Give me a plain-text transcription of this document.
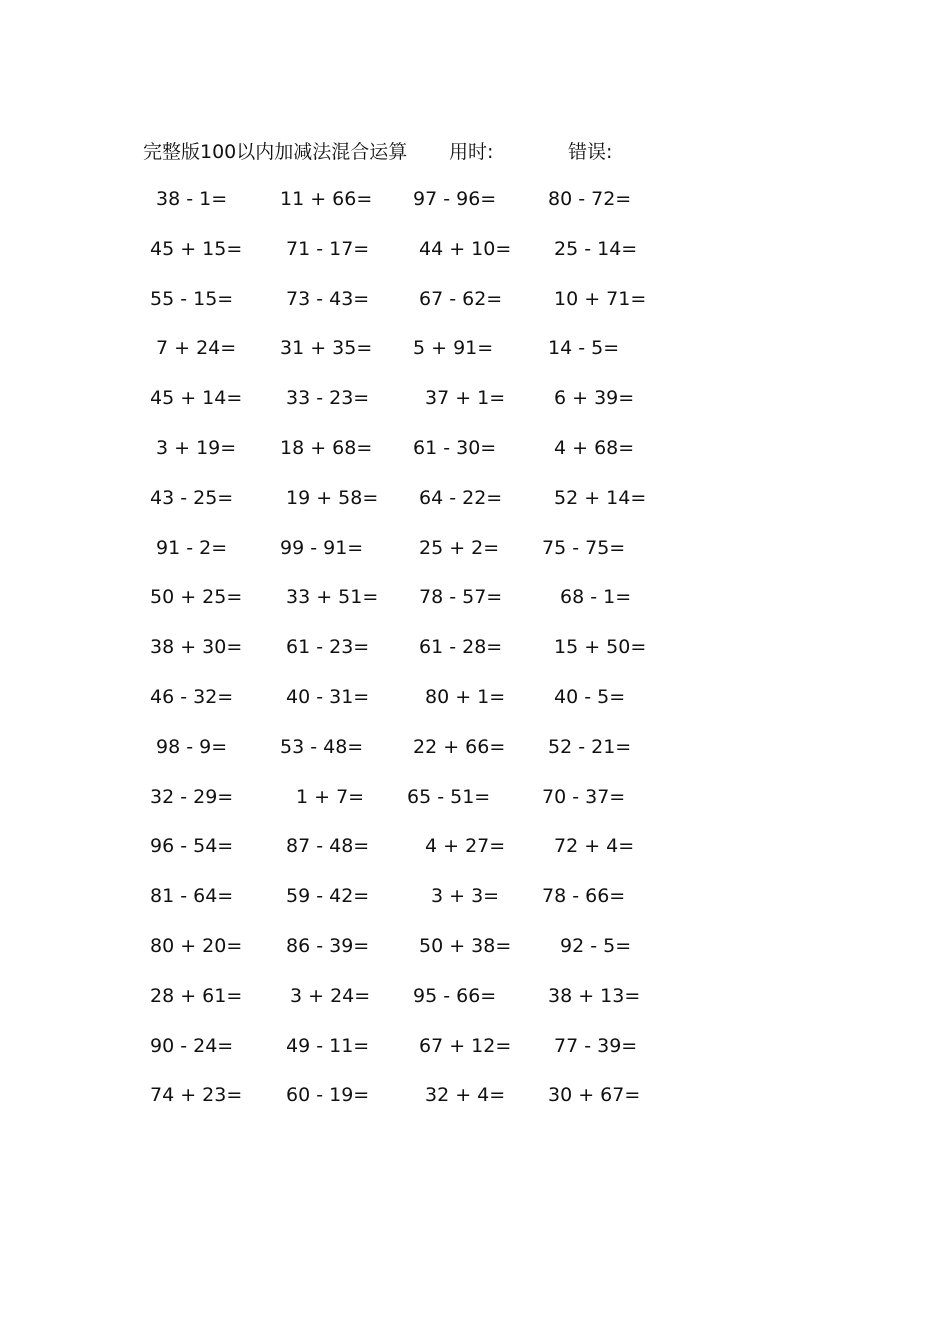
完整版100以内加减法混合运算 用时:	错误:
38 - 1=	11 + 66= 97 - 96=	80 - 72=
45 + 15= 71 - 17=	44 + 10= 25 - 14=
55 - 15=	73 - 43=	67 - 62=	10 + 71=
7 + 24= 31 + 35= 5 + 91=	14 - 5=
45 + 14= 33 - 23=	37 + 1=	6 + 39=
3 + 19= 18 + 68= 61 - 30=	4 + 68=
43 - 25=	19 + 58= 64 - 22=	52 + 14=
91 - 2=	99 - 91=	25 + 2= 75 - 75=
50 + 25= 33 + 51= 78 - 57=	68 - 1=
38 + 30= 61 - 23=	61 - 28=	15 + 50=
46 - 32=	40 - 31=	80 + 1=	40 - 5=
98 - 9=	53 - 48=	22 + 66= 52 - 21=
32 - 29=	1 + 7= 65 - 51=	70 - 37=
96 - 54=	87 - 48=	4 + 27=	72 + 4=
81 - 64=	59 - 42=	3 + 3= 78 - 66=
80 + 20= 86 - 39=	50 + 38=	92 - 5=
28 + 61=	3 + 24= 95 - 66=	38 + 13=
90 - 24=	49 - 11=	67 + 12= 77 - 39=
74 + 23= 60 - 19=	32 + 4= 30 + 67=
